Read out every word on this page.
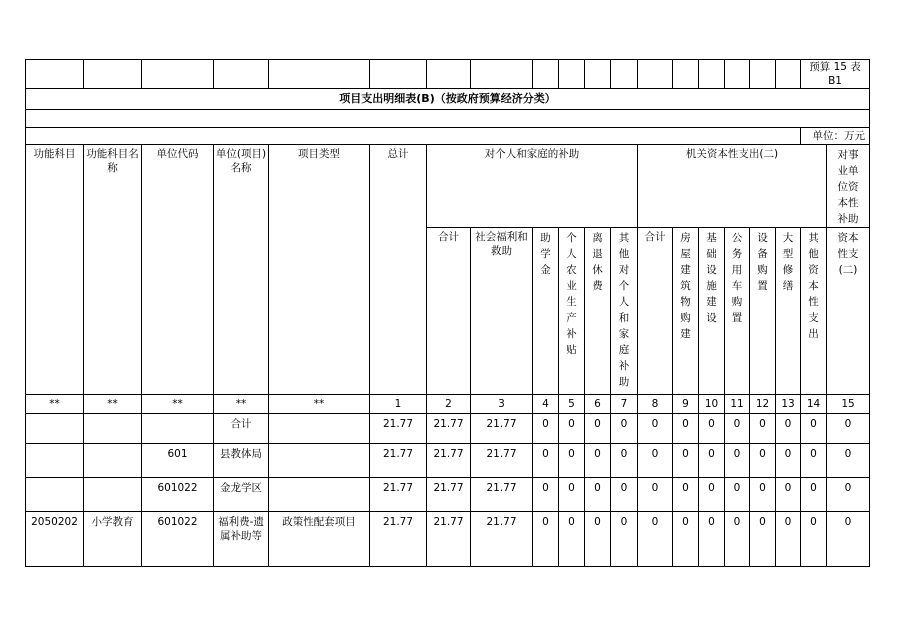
																		预算 15 表 B1	
项目支出明细表(B)（按政府预算经济分类）																			

																		单位：万元	
功能科目	功能科目名称	单位代码	单位(项目)名称	项目类型	总计	对个人和家庭的补助						机关资本性支出(二)							对事业单位资本性补助

						合计	社会福利和救助	助学金	个人农业生产补贴	离退休费	其他对个人和家庭补助	合计	房屋建筑物购建	基础设施建设	公务用车购置	设备购置	大型修缮	其他资本性支出	资本性支(二)

**	**	**	**	**	1	2	3	4	5	6	7	8	9	10	11	12	13	14	15
			合计		21.77	21.77	21.77	0	0	0	0	0	0	0	0	0	0	0	0
		601	县教体局		21.77	21.77	21.77	0	0	0	0	0	0	0	0	0	0	0	0
		601022	金龙学区		21.77	21.77	21.77	0	0	0	0	0	0	0	0	0	0	0	0
2050202	小学教育	601022	福利费-遗属补助等	政策性配套项目	21.77	21.77	21.77	0	0	0	0	0	0	0	0	0	0	0	0
